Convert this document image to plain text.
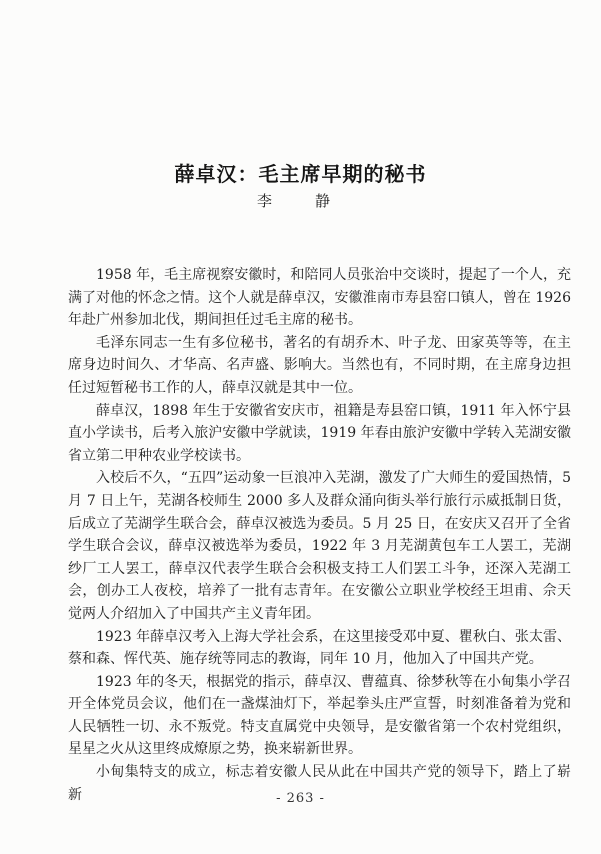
薛卓汉：毛主席早期的秘书
李　静

1958 年，毛主席视察安徽时，和陪同人员张治中交谈时，提起了一个人，充满了对他的怀念之情。这个人就是薛卓汉，安徽淮南市寿县窑口镇人，曾在 1926 年赴广州参加北伐，期间担任过毛主席的秘书。

毛泽东同志一生有多位秘书，著名的有胡乔木、叶子龙、田家英等等，在主席身边时间久、才华高、名声盛、影响大。当然也有，不同时期，在主席身边担任过短暂秘书工作的人，薛卓汉就是其中一位。

薛卓汉，1898 年生于安徽省安庆市，祖籍是寿县窑口镇，1911 年入怀宁县直小学读书，后考入旅沪安徽中学就读，1919 年春由旅沪安徽中学转入芜湖安徽省立第二甲种农业学校读书。

入校后不久，“五四”运动象一巨浪冲入芜湖，激发了广大师生的爱国热情，5 月 7 日上午，芜湖各校师生 2000 多人及群众涌向街头举行旅行示威抵制日货，后成立了芜湖学生联合会，薛卓汉被选为委员。5 月 25 日，在安庆又召开了全省学生联合会议，薛卓汉被选举为委员，1922 年 3 月芜湖黄包车工人罢工，芜湖纱厂工人罢工，薛卓汉代表学生联合会积极支持工人们罢工斗争，还深入芜湖工会，创办工人夜校，培养了一批有志青年。在安徽公立职业学校经王坦甫、佘天觉两人介绍加入了中国共产主义青年团。

1923 年薛卓汉考入上海大学社会系，在这里接受邓中夏、瞿秋白、张太雷、蔡和森、恽代英、施存统等同志的教诲，同年 10 月，他加入了中国共产党。

1923 年的冬天，根据党的指示，薛卓汉、曹蕴真、徐梦秋等在小甸集小学召开全体党员会议，他们在一盏煤油灯下，举起拳头庄严宣誓，时刻准备着为党和人民牺牲一切、永不叛党。特支直属党中央领导，是安徽省第一个农村党组织，星星之火从这里终成燎原之势，换来崭新世界。

小甸集特支的成立，标志着安徽人民从此在中国共产党的领导下，踏上了崭新	- 263 -
